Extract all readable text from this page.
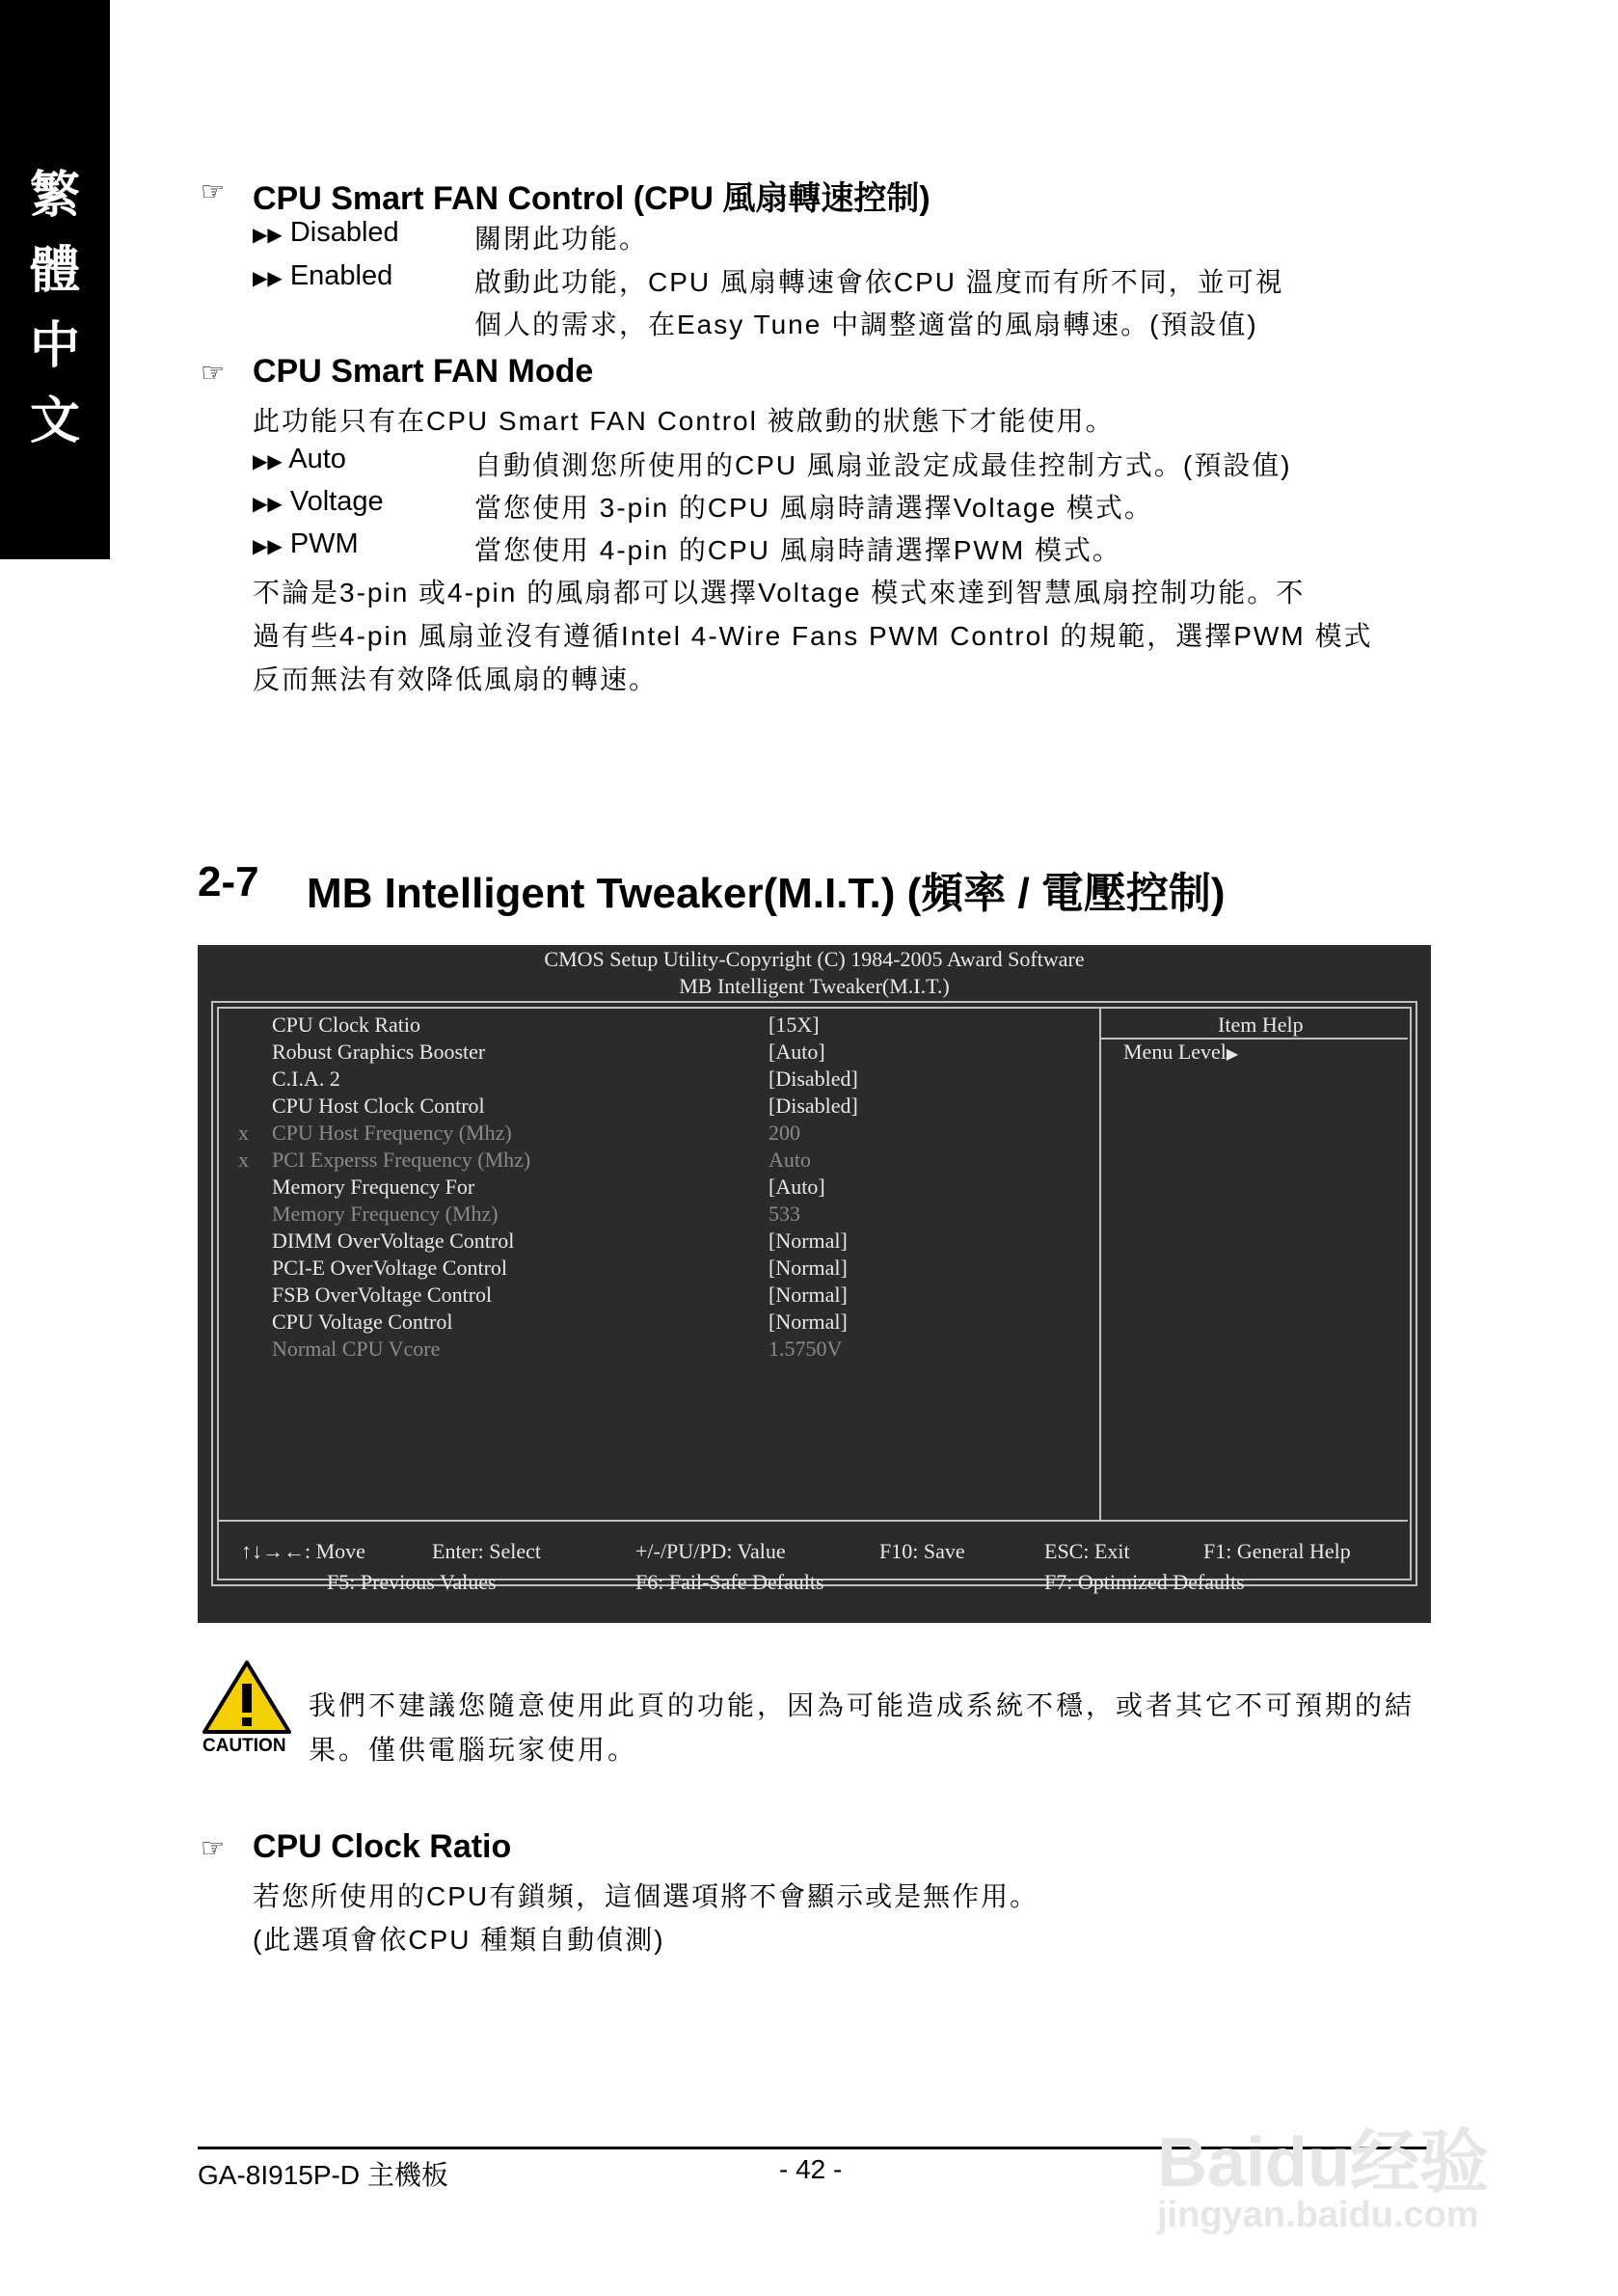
繁
體
中
文
☞ CPU Smart FAN Control (CPU 風扇轉速控制)
▶▶ Disabled	關閉此功能。
▶▶ Enabled	啟動此功能，CPU 風扇轉速會依CPU 溫度而有所不同，並可視
個人的需求，在Easy Tune 中調整適當的風扇轉速。(預設值)
☞ CPU Smart FAN Mode
此功能只有在CPU Smart FAN Control 被啟動的狀態下才能使用。
▶▶ Auto	自動偵測您所使用的CPU 風扇並設定成最佳控制方式。(預設值)
▶▶ Voltage	當您使用 3-pin 的CPU 風扇時請選擇Voltage 模式。
▶▶ PWM	當您使用 4-pin 的CPU 風扇時請選擇PWM 模式。
不論是3-pin 或4-pin 的風扇都可以選擇Voltage 模式來達到智慧風扇控制功能。不
過有些4-pin 風扇並沒有遵循Intel 4-Wire Fans PWM Control 的規範，選擇PWM 模式
反而無法有效降低風扇的轉速。
2-7 MB Intelligent Tweaker(M.I.T.) (頻率 / 電壓控制)
CMOS Setup Utility-Copyright (C) 1984-2005 Award Software
MB Intelligent Tweaker(M.I.T.)
CPU Clock Ratio	[15X]
Robust Graphics Booster	[Auto]
C.I.A. 2	[Disabled]
CPU Host Clock Control	[Disabled]
x CPU Host Frequency (Mhz)	200
x PCI Experss Frequency (Mhz)	Auto
Memory Frequency For	[Auto]
Memory Frequency (Mhz)	533
DIMM OverVoltage Control	[Normal]
PCI-E OverVoltage Control	[Normal]
FSB OverVoltage Control	[Normal]
CPU Voltage Control	[Normal]
Normal CPU Vcore	1.5750V
Item Help
Menu Level▶
↑↓→←: Move	Enter: Select	+/-/PU/PD: Value	F10: Save	ESC: Exit	F1: General Help
F5: Previous Values	F6: Fail-Safe Defaults	F7: Optimized Defaults
CAUTION
我們不建議您隨意使用此頁的功能，因為可能造成系統不穩，或者其它不可預期的結
果。僅供電腦玩家使用。
☞ CPU Clock Ratio
若您所使用的CPU有鎖頻，這個選項將不會顯示或是無作用。
(此選項會依CPU 種類自動偵測)
GA-8I915P-D 主機板	- 42 -	Baidu经验
jingyan.baidu.com
